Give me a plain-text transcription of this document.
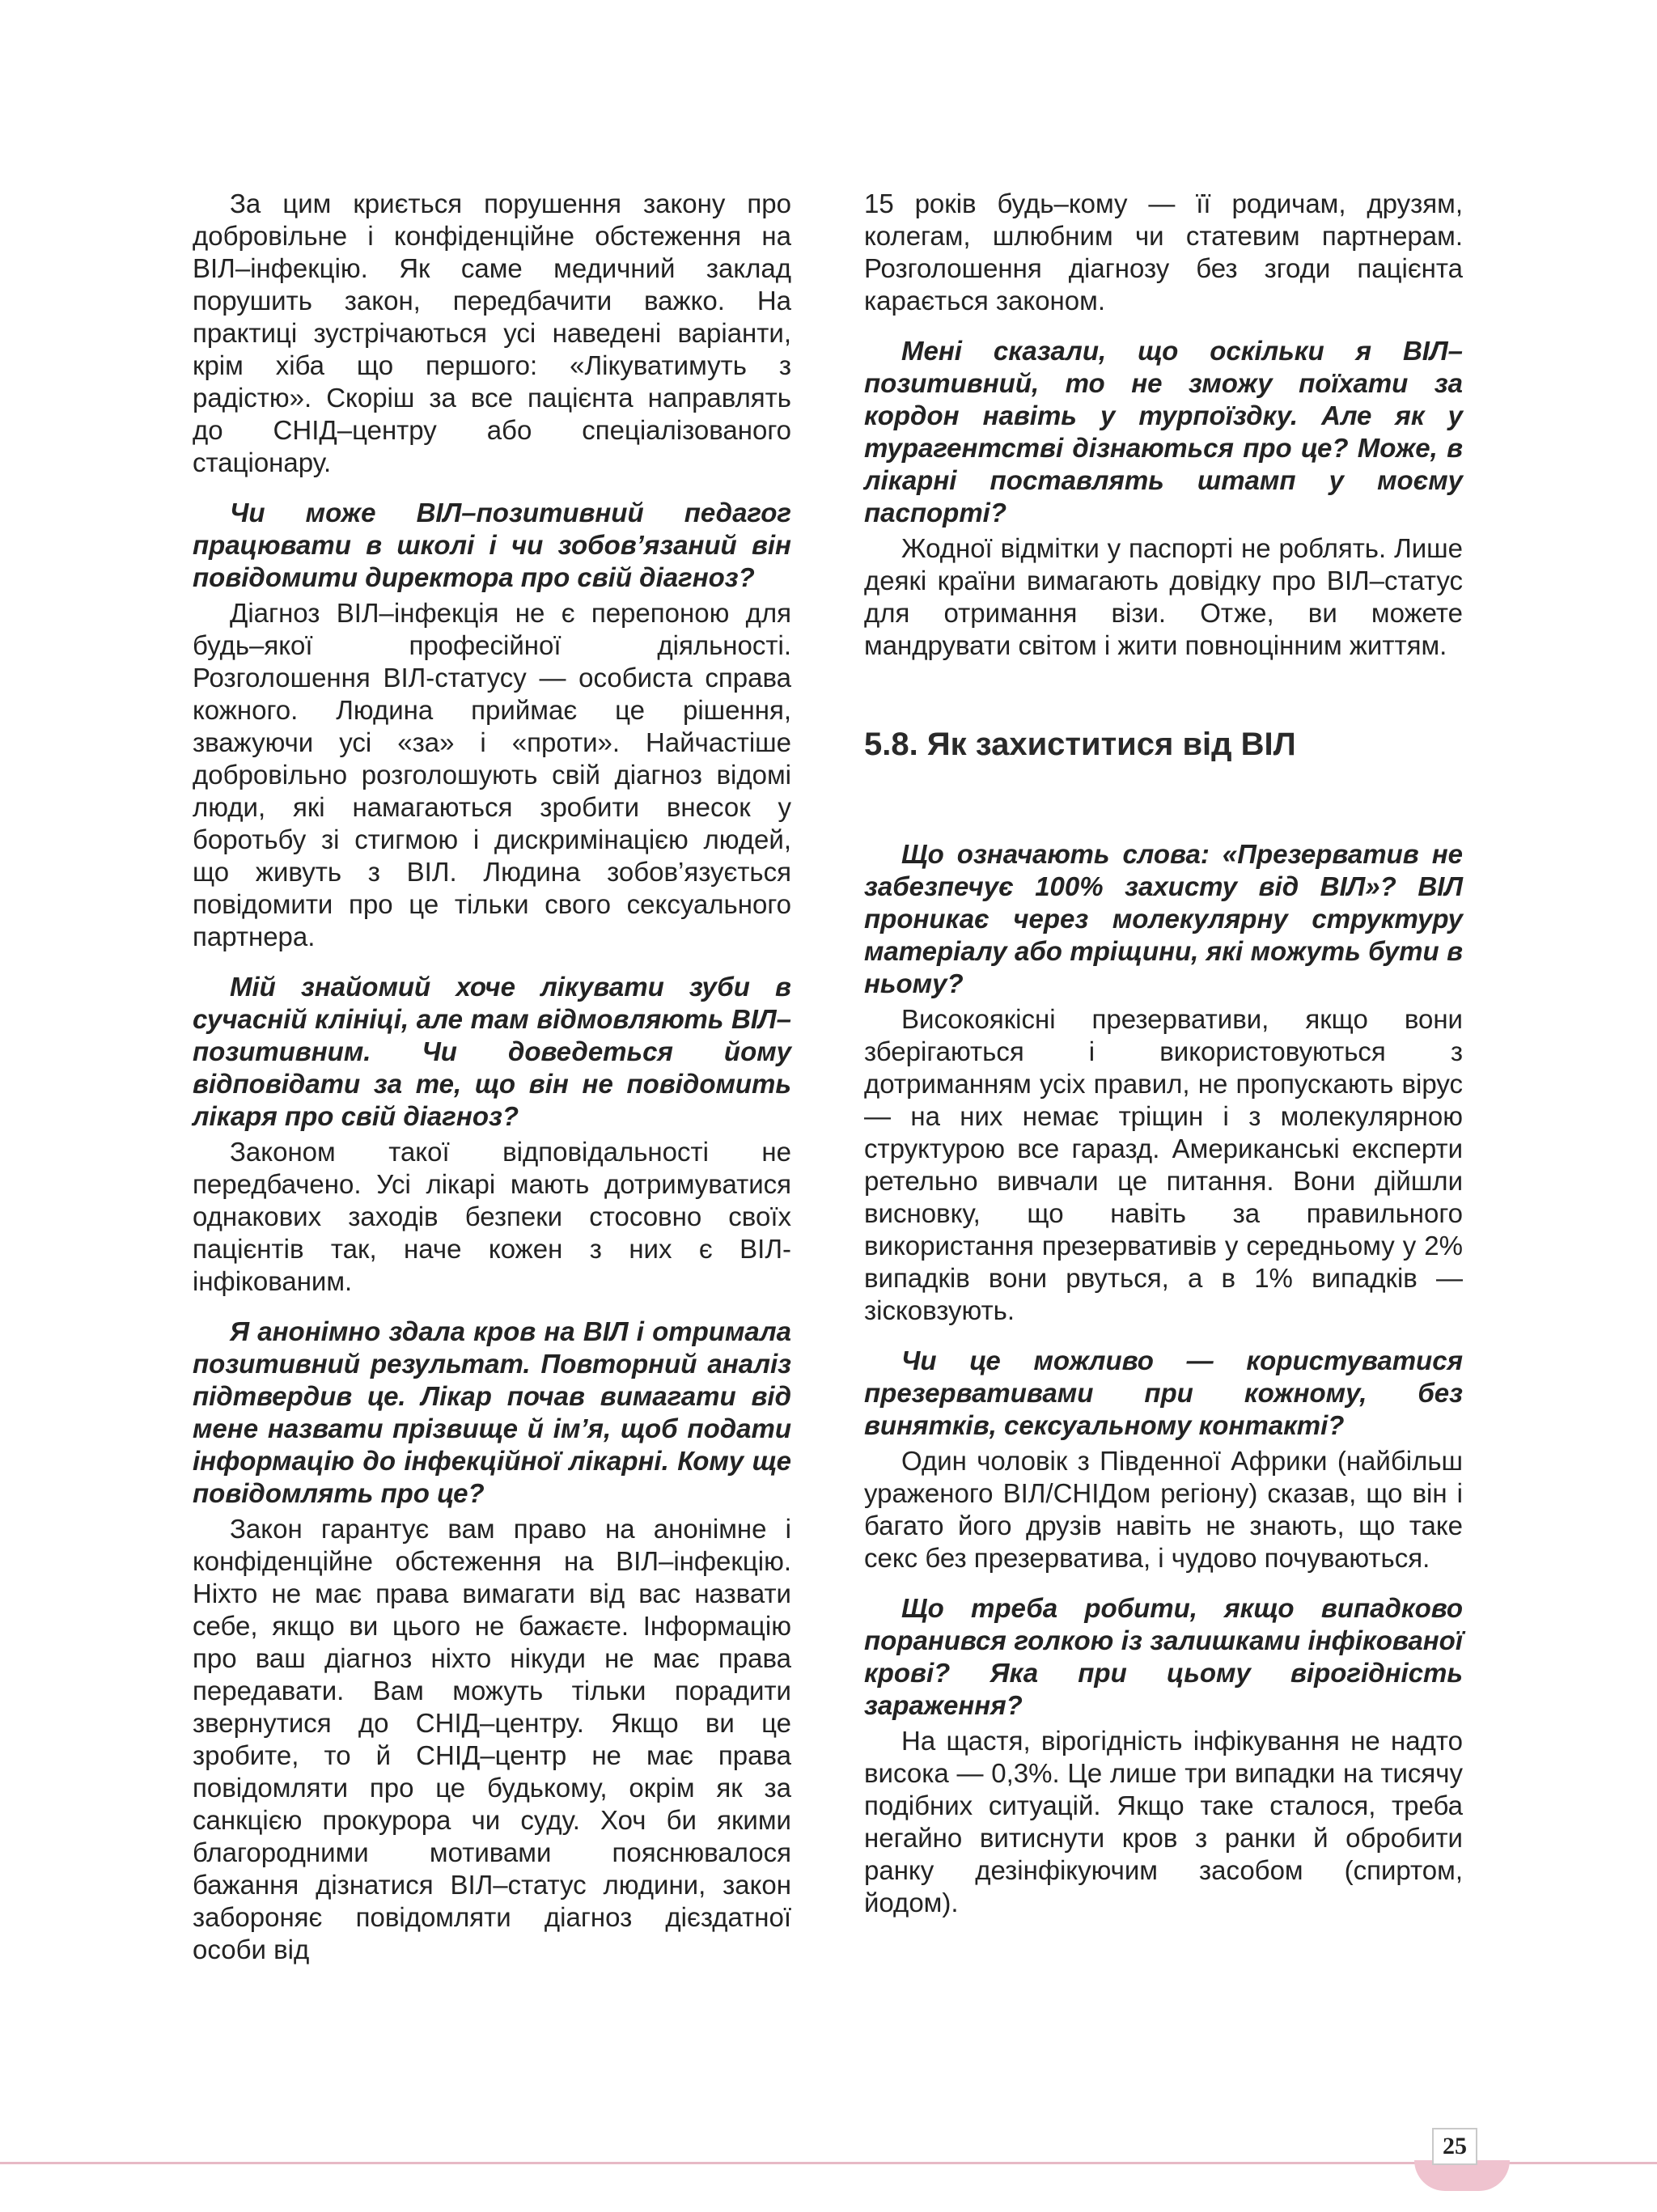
За цим криється порушення закону про добровільне і конфіденційне обстеження на ВІЛ–інфекцію. Як саме медичний заклад порушить закон, передбачити важко. На практиці зустрічаються усі наведені варіанти, крім хіба що першого: «Лікуватимуть з радістю». Скоріш за все пацієнта направлять до СНІД–центру або спеціалізованого стаціонару.

Чи може ВІЛ–позитивний педагог працювати в школі і чи зобов’язаний він повідомити директора про свій діагноз?

Діагноз ВІЛ–інфекція не є перепоною для будь–якої професійної діяльності. Розголошення ВІЛ-статусу — особиста справа кожного. Людина приймає це рішення, зважуючи усі «за» і «проти». Найчастіше добровільно розголошують свій діагноз відомі люди, які намагаються зробити внесок у боротьбу зі стигмою і дискримінацією людей, що живуть з ВІЛ. Людина зобов’язується повідомити про це тільки свого сексуального партнера.

Мій знайомий хоче лікувати зуби в сучасній клініці, але там відмовляють ВІЛ–позитивним. Чи доведеться йому відповідати за те, що він не повідомить лікаря про свій діагноз?

Законом такої відповідальності не передбачено. Усі лікарі мають дотримуватися однакових заходів безпеки стосовно своїх пацієнтів так, наче кожен з них є ВІЛ-інфікованим.

Я анонімно здала кров на ВІЛ і отримала позитивний результат. Повторний аналіз підтвердив це. Лікар почав вимагати від мене назвати прізвище й ім’я, щоб подати інформацію до інфекційної лікарні. Кому ще повідомлять про це?

Закон гарантує вам право на анонімне і конфіденційне обстеження на ВІЛ–інфекцію. Ніхто не має права вимагати від вас назвати себе, якщо ви цього не бажаєте. Інформацію про ваш діагноз ніхто нікуди не має права передавати. Вам можуть тільки порадити звернутися до СНІД–центру. Якщо ви це зробите, то й СНІД–центр не має права повідомляти про це будькому, окрім як за санкцією прокурора чи суду. Хоч би якими благородними мотивами пояснювалося бажання дізнатися ВІЛ–статус людини, закон забороняє повідомляти діагноз дієздатної особи від

15 років будь–кому — її родичам, друзям, колегам, шлюбним чи статевим партнерам. Розголошення діагнозу без згоди пацієнта карається законом.

Мені сказали, що оскільки я ВІЛ–позитивний, то не зможу поїхати за кордон навіть у турпоїздку. Але як у турагентстві дізнаються про це? Може, в лікарні поставлять штамп у моєму паспорті?

Жодної відмітки у паспорті не роблять. Лише деякі країни вимагають довідку про ВІЛ–статус для отримання візи. Отже, ви можете мандрувати світом і жити повноцінним життям.

5.8. Як захиститися від ВІЛ

Що означають слова: «Презерватив не забезпечує 100% захисту від ВІЛ»? ВІЛ проникає через молекулярну структуру матеріалу або тріщини, які можуть бути в ньому?

Високоякісні презервативи, якщо вони зберігаються і використовуються з дотриманням усіх правил, не пропускають вірус — на них немає тріщин і з молекулярною структурою все гаразд. Американські експерти ретельно вивчали це питання. Вони дійшли висновку, що навіть за правильного використання презервативів у середньому у 2% випадків вони рвуться, а в 1% випадків — зісковзують.

Чи це можливо — користуватися презервативами при кожному, без винятків, сексуальному контакті?

Один чоловік з Південної Африки (найбільш ураженого ВІЛ/СНІДом регіону) сказав, що він і багато його друзів навіть не знають, що таке секс без презерватива, і чудово почуваються.

Що треба робити, якщо випадково поранився голкою із залишками інфікованої крові? Яка при цьому вірогідність зараження?

На щастя, вірогідність інфікування не надто висока — 0,3%. Це лише три випадки на тисячу подібних ситуацій. Якщо таке сталося, треба негайно витиснути кров з ранки й обробити ранку дезінфікуючим засобом (спиртом, йодом).

25
